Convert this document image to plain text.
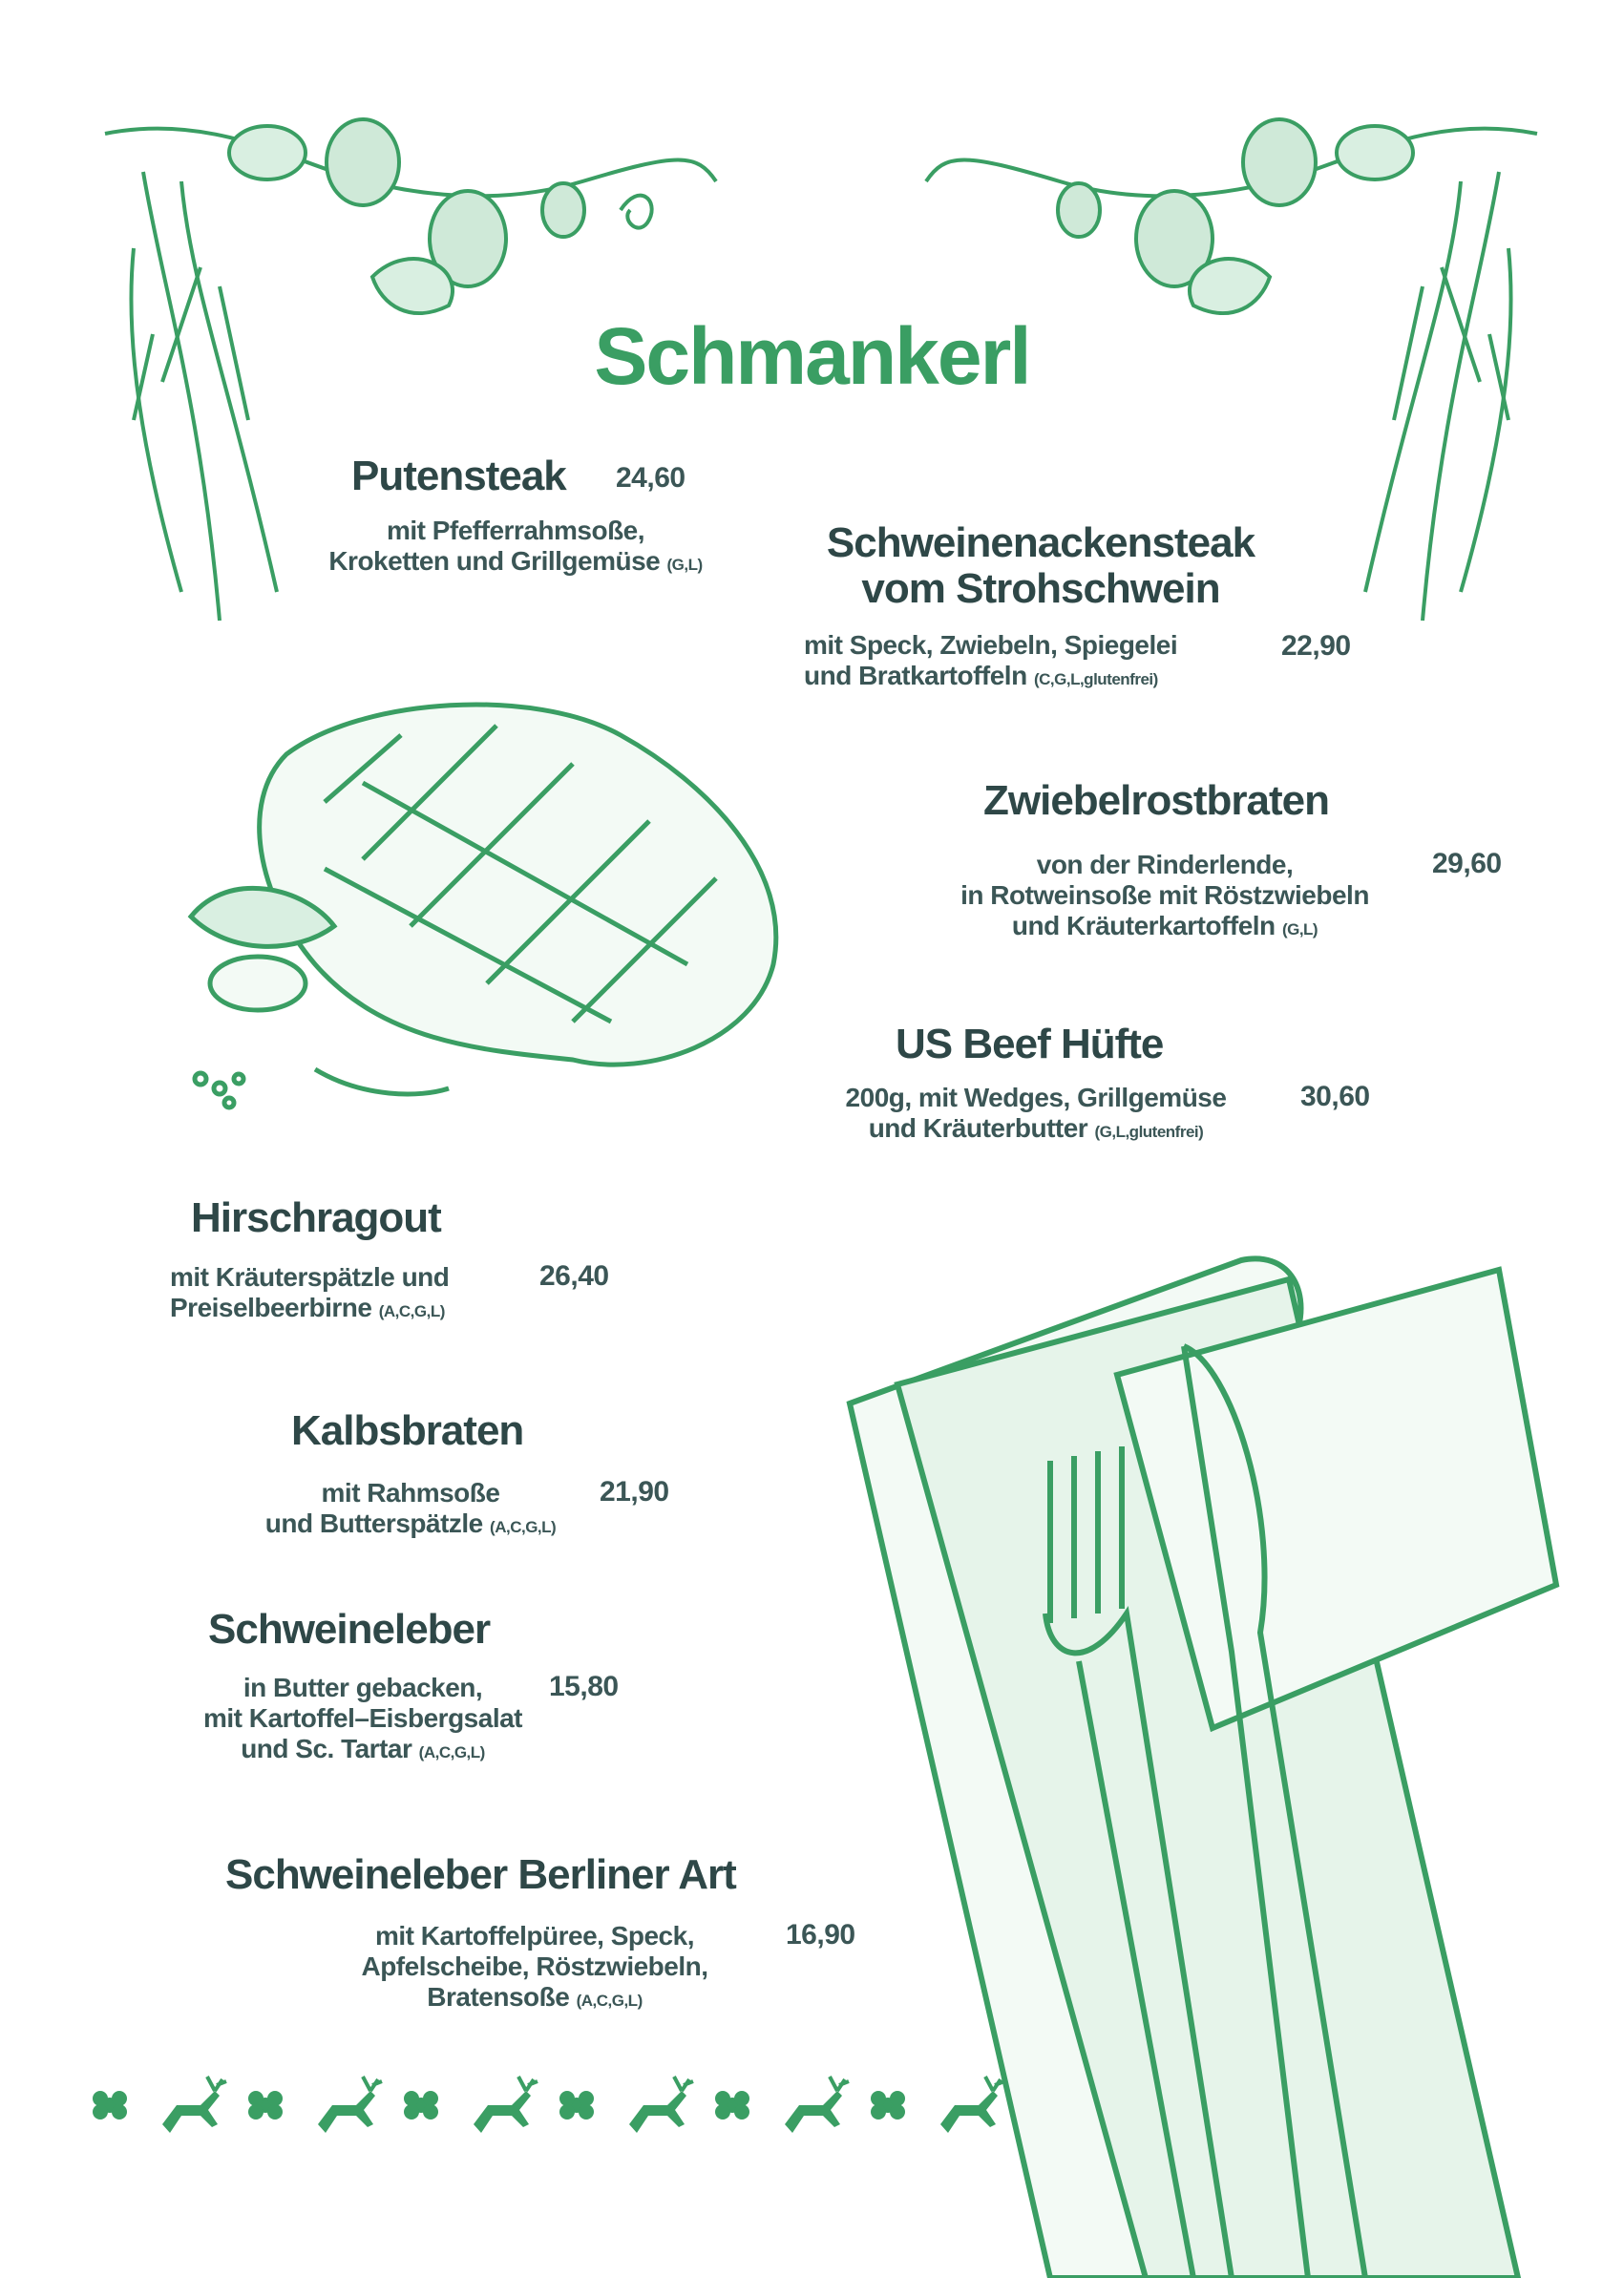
Schmankerl
Putensteak 24,60
mit Pfefferrahmsoße,
Kroketten und Grillgemüse (G,L)	Schweinenackensteak
vom Strohschwein
mit Speck, Zwiebeln, Spiegelei
und Bratkartoffeln (C,G,L,glutenfrei)
22,90
Zwiebelrostbraten
von der Rinderlende,
in Rotweinsoße mit Röstzwiebeln
und Kräuterkartoffeln (G,L)
29,60
US Beef Hüfte
200g, mit Wedges, Grillgemüse
und Kräuterbutter (G,L,glutenfrei)
30,60
Hirschragout
mit Kräuterspätzle und
Preiselbeerbirne (A,C,G,L)
26,40
Kalbsbraten
mit Rahmsoße
und Butterspätzle (A,C,G,L)
21,90
Schweineleber
in Butter gebacken,
mit Kartoffel–Eisbergsalat
und Sc. Tartar (A,C,G,L)
15,80
Schweineleber Berliner Art
mit Kartoffelpüree, Speck,
Apfelscheibe, Röstzwiebeln,
Bratensoße (A,C,G,L)
16,90
